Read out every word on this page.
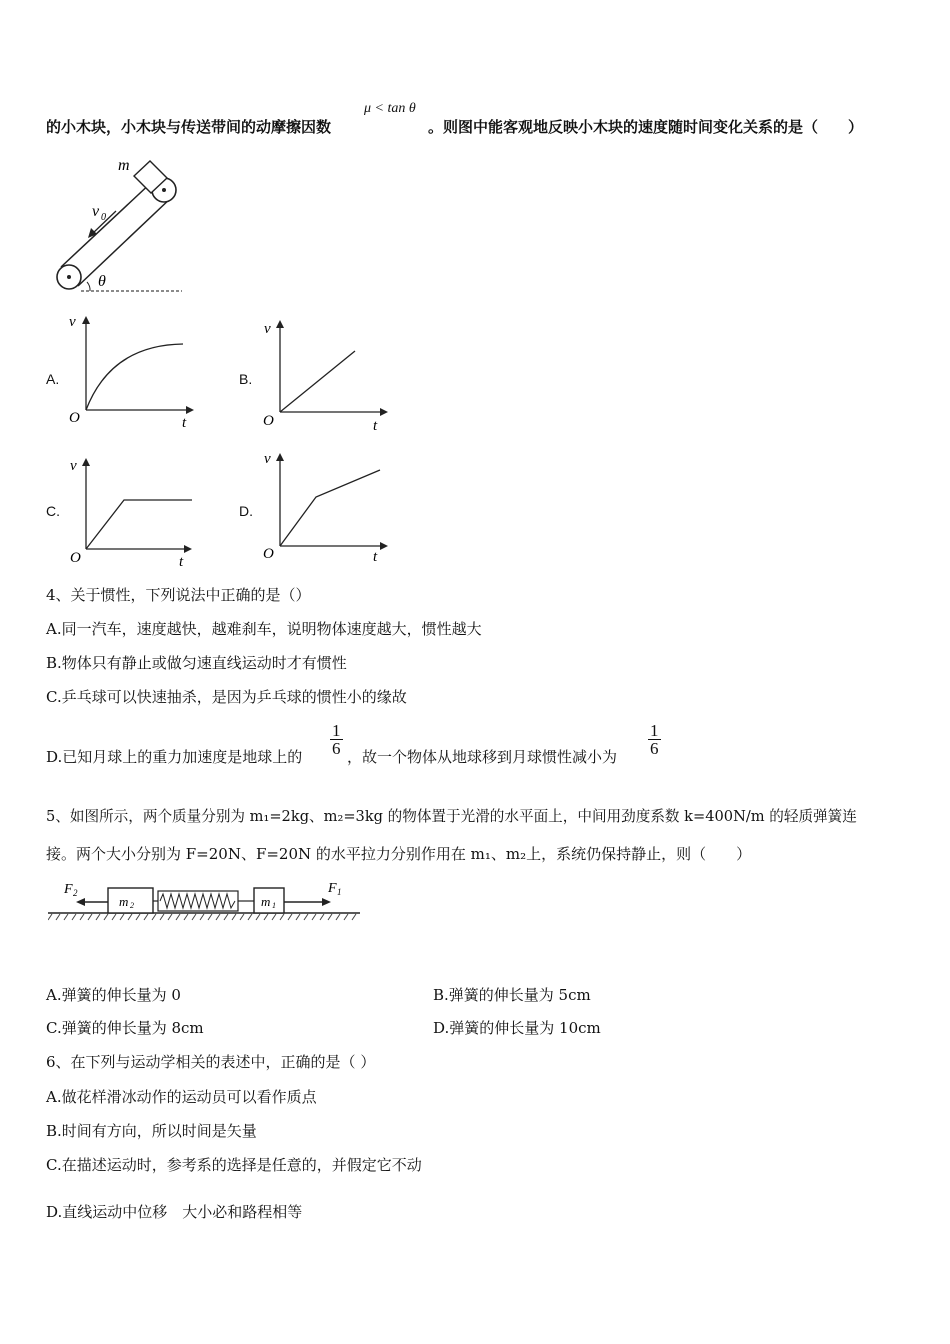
的小木块，小木块与传送带间的动摩擦因数
μ < tan θ
。则图中能客观地反映小木块的速度随时间变化关系的是（　　）
m
v 0
θ
A.
v
t
O
B.
v
t
O
C.
v
t
O
D.
v
t
O
4、关于惯性，下列说法中正确的是（）
A.同一汽车，速度越快，越难刹车，说明物体速度越大，惯性越大
B.物体只有静止或做匀速直线运动时才有惯性
C.乒乓球可以快速抽杀，是因为乒乓球的惯性小的缘故
D.已知月球上的重力加速度是地球上的 $\frac{1}{6}$ ，故一个物体从地球移到月球惯性减小为 $\frac{1}{6}$
5、如图所示，两个质量分别为 m₁=2kg、m₂=3kg 的物体置于光滑的水平面上，中间用劲度系数 k=400N/m 的轻质弹簧连
接。两个大小分别为 F=20N、F=20N 的水平拉力分别作用在 m₁、m₂上，系统仍保持静止，则（　　）
F 2
m 2	m 1
F 1
A.弹簧的伸长量为 0	B.弹簧的伸长量为 5cm
C.弹簧的伸长量为 8cm	D.弹簧的伸长量为 10cm
6、在下列与运动学相关的表述中，正确的是（ ）
A.做花样滑冰动作的运动员可以看作质点
B.时间有方向，所以时间是矢量
C.在描述运动时，参考系的选择是任意的，并假定它不动
D.直线运动中位移　大小必和路程相等
